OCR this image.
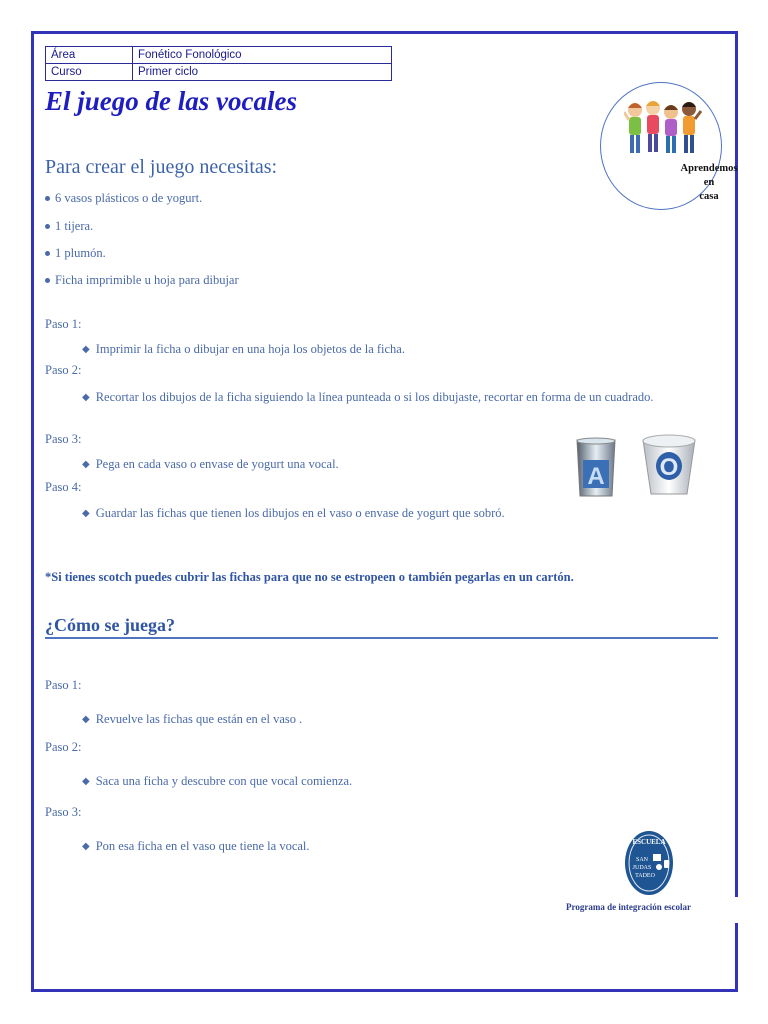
Área	Fonético Fonológico
Curso	Primer ciclo
El juego de las vocales
Aprendemos
en
casa
Para crear el juego necesitas:
6 vasos plásticos o de yogurt.
1 tijera.
1 plumón.
Ficha imprimible u hoja para dibujar
Paso 1:
◆ Imprimir la ficha o dibujar en una hoja los objetos de la ficha.
Paso 2:
◆ Recortar los dibujos de la ficha siguiendo la línea punteada o si los dibujaste, recortar en forma de un cuadrado.
Paso 3:
◆ Pega en cada vaso o envase de yogurt una vocal.
Paso 4:
◆ Guardar las fichas que tienen los dibujos en el vaso o envase de yogurt que sobró.
A O
*Si tienes scotch puedes cubrir las fichas para que no se estropeen o también pegarlas en un cartón.
¿Cómo se juega?
Paso 1:
◆ Revuelve las fichas que están en el vaso .
Paso 2:
◆ Saca una ficha y descubre con que vocal comienza.
Paso 3:
◆ Pon esa ficha en el vaso que tiene la vocal.	ESCUELA
SAN
JUDAS
TADEO
Programa de integración escolar
